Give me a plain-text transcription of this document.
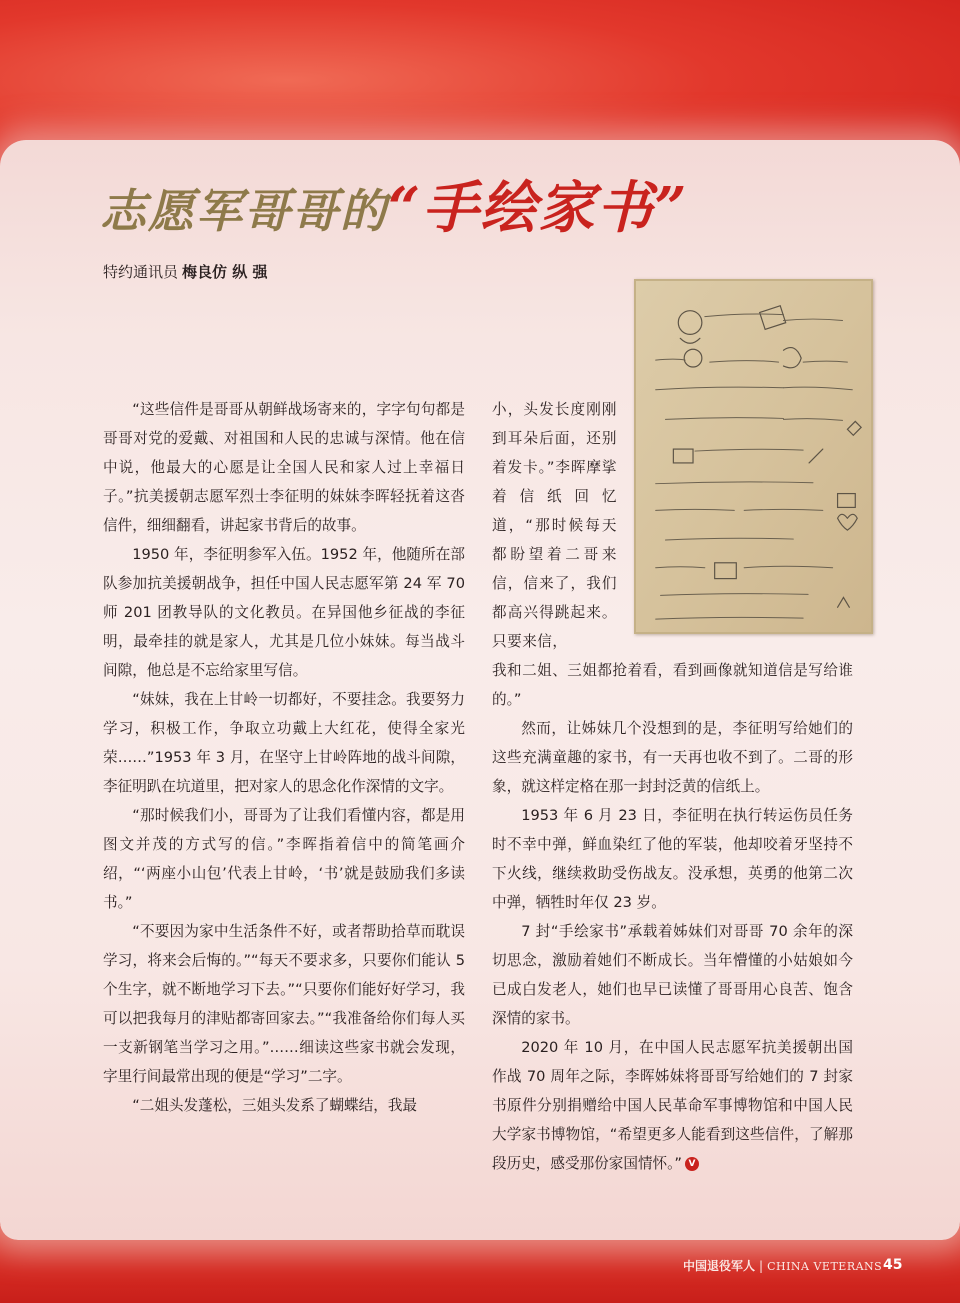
志愿军哥哥的“手绘家书”
特约通讯员 梅良仿 纵 强

“这些信件是哥哥从朝鲜战场寄来的，字字句句都是哥哥对党的爱戴、对祖国和人民的忠诚与深情。他在信中说，他最大的心愿是让全国人民和家人过上幸福日子。”抗美援朝志愿军烈士李征明的妹妹李晖轻抚着这沓信件，细细翻看，讲起家书背后的故事。

1950 年，李征明参军入伍。1952 年，他随所在部队参加抗美援朝战争，担任中国人民志愿军第 24 军 70 师 201 团教导队的文化教员。在异国他乡征战的李征明，最牵挂的就是家人，尤其是几位小妹妹。每当战斗间隙，他总是不忘给家里写信。

“妹妹，我在上甘岭一切都好，不要挂念。我要努力学习，积极工作，争取立功戴上大红花，使得全家光荣……”1953 年 3 月，在坚守上甘岭阵地的战斗间隙，李征明趴在坑道里，把对家人的思念化作深情的文字。

“那时候我们小，哥哥为了让我们看懂内容，都是用图文并茂的方式写的信。”李晖指着信中的简笔画介绍，“‘两座小山包’代表上甘岭，‘书’就是鼓励我们多读书。”

“不要因为家中生活条件不好，或者帮助拾草而耽误学习，将来会后悔的。”“每天不要求多，只要你们能认 5 个生字，就不断地学习下去。”“只要你们能好好学习，我可以把我每月的津贴都寄回家去。”“我准备给你们每人买一支新钢笔当学习之用。”……细读这些家书就会发现，字里行间最常出现的便是“学习”二字。

“二姐头发蓬松，三姐头发系了蝴蝶结，我最

小，头发长度刚刚到耳朵后面，还别着发卡。”李晖摩挲着信纸回忆道，“那时候每天都盼望着二哥来信，信来了，我们都高兴得跳起来。只要来信，

我和二姐、三姐都抢着看，看到画像就知道信是写给谁的。”

然而，让姊妹几个没想到的是，李征明写给她们的这些充满童趣的家书，有一天再也收不到了。二哥的形象，就这样定格在那一封封泛黄的信纸上。

1953 年 6 月 23 日，李征明在执行转运伤员任务时不幸中弹，鲜血染红了他的军装，他却咬着牙坚持不下火线，继续救助受伤战友。没承想，英勇的他第二次中弹，牺牲时年仅 23 岁。

7 封“手绘家书”承载着姊妹们对哥哥 70 余年的深切思念，激励着她们不断成长。当年懵懂的小姑娘如今已成白发老人，她们也早已读懂了哥哥用心良苦、饱含深情的家书。

2020 年 10 月，在中国人民志愿军抗美援朝出国作战 70 周年之际，李晖姊妹将哥哥写给她们的 7 封家书原件分别捐赠给中国人民革命军事博物馆和中国人民大学家书博物馆，“希望更多人能看到这些信件，了解那段历史，感受那份家国情怀。” V

中国退役军人 | CHINA VETERANS 45
